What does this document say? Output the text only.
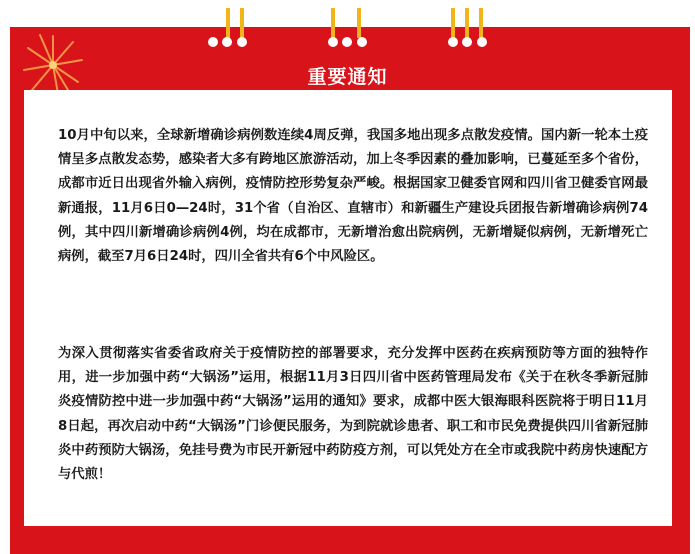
重要通知
10月中旬以来，全球新增确诊病例数连续4周反弹，我国多地出现多点散发疫情。国内新一轮本土疫情呈多点散发态势，感染者大多有跨地区旅游活动，加上冬季因素的叠加影响，已蔓延至多个省份，成都市近日出现省外输入病例，疫情防控形势复杂严峻。根据国家卫健委官网和四川省卫健委官网最新通报，11月6日0—24时，31个省（自治区、直辖市）和新疆生产建设兵团报告新增确诊病例74例，其中四川新增确诊病例4例，均在成都市，无新增治愈出院病例，无新增疑似病例，无新增死亡病例，截至7月6日24时，四川全省共有6个中风险区。
为深入贯彻落实省委省政府关于疫情防控的部署要求，充分发挥中医药在疾病预防等方面的独特作用，进一步加强中药“大锅汤”运用，根据11月3日四川省中医药管理局发布《关于在秋冬季新冠肺炎疫情防控中进一步加强中药“大锅汤”运用的通知》要求，成都中医大银海眼科医院将于明日11月8日起，再次启动中药“大锅汤”门诊便民服务，为到院就诊患者、职工和市民免费提供四川省新冠肺炎中药预防大锅汤，免挂号费为市民开新冠中药防疫方剂，可以凭处方在全市或我院中药房快速配方与代煎！
